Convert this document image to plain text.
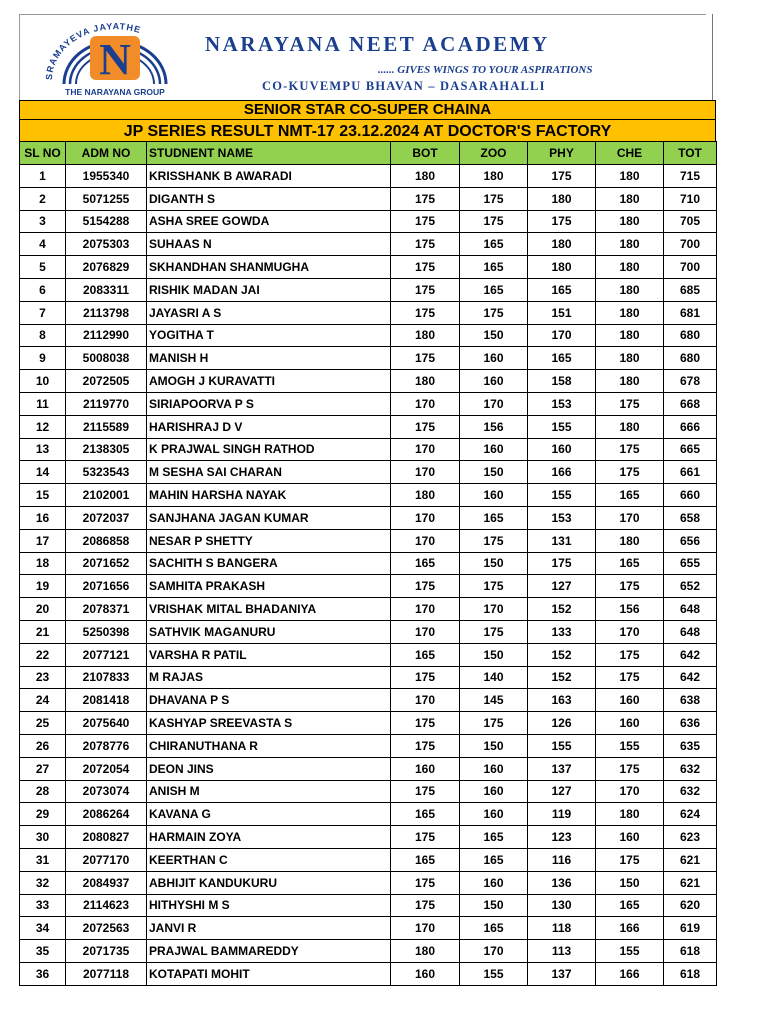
SRAMAYEVA JAYATHE
N
THE NARAYANA GROUP
NARAYANA NEET ACADEMY
...... GIVES WINGS TO YOUR ASPIRATIONS
CO-KUVEMPU BHAVAN – DASARAHALLI
SENIOR STAR CO-SUPER CHAINA
JP SERIES RESULT NMT-17 23.12.2024 AT DOCTOR'S FACTORY
SL NO	ADM NO	STUDNENT NAME	BOT	ZOO	PHY	CHE	TOT
1	1955340	KRISSHANK B AWARADI	180	180	175	180	715
2	5071255	DIGANTH S	175	175	180	180	710
3	5154288	ASHA SREE GOWDA	175	175	175	180	705
4	2075303	SUHAAS N	175	165	180	180	700
5	2076829	SKHANDHAN SHANMUGHA	175	165	180	180	700
6	2083311	RISHIK MADAN JAI	175	165	165	180	685
7	2113798	JAYASRI A S	175	175	151	180	681
8	2112990	YOGITHA T	180	150	170	180	680
9	5008038	MANISH H	175	160	165	180	680
10	2072505	AMOGH J KURAVATTI	180	160	158	180	678
11	2119770	SIRIAPOORVA P S	170	170	153	175	668
12	2115589	HARISHRAJ D V	175	156	155	180	666
13	2138305	K PRAJWAL SINGH RATHOD	170	160	160	175	665
14	5323543	M SESHA SAI CHARAN	170	150	166	175	661
15	2102001	MAHIN HARSHA NAYAK	180	160	155	165	660
16	2072037	SANJHANA JAGAN KUMAR	170	165	153	170	658
17	2086858	NESAR P SHETTY	170	175	131	180	656
18	2071652	SACHITH S BANGERA	165	150	175	165	655
19	2071656	SAMHITA PRAKASH	175	175	127	175	652
20	2078371	VRISHAK MITAL BHADANIYA	170	170	152	156	648
21	5250398	SATHVIK MAGANURU	170	175	133	170	648
22	2077121	VARSHA R PATIL	165	150	152	175	642
23	2107833	M RAJAS	175	140	152	175	642
24	2081418	DHAVANA P S	170	145	163	160	638
25	2075640	KASHYAP SREEVASTA S	175	175	126	160	636
26	2078776	CHIRANUTHANA R	175	150	155	155	635
27	2072054	DEON JINS	160	160	137	175	632
28	2073074	ANISH M	175	160	127	170	632
29	2086264	KAVANA G	165	160	119	180	624
30	2080827	HARMAIN ZOYA	175	165	123	160	623
31	2077170	KEERTHAN C	165	165	116	175	621
32	2084937	ABHIJIT KANDUKURU	175	160	136	150	621
33	2114623	HITHYSHI M S	175	150	130	165	620
34	2072563	JANVI R	170	165	118	166	619
35	2071735	PRAJWAL BAMMAREDDY	180	170	113	155	618
36	2077118	KOTAPATI MOHIT	160	155	137	166	618
